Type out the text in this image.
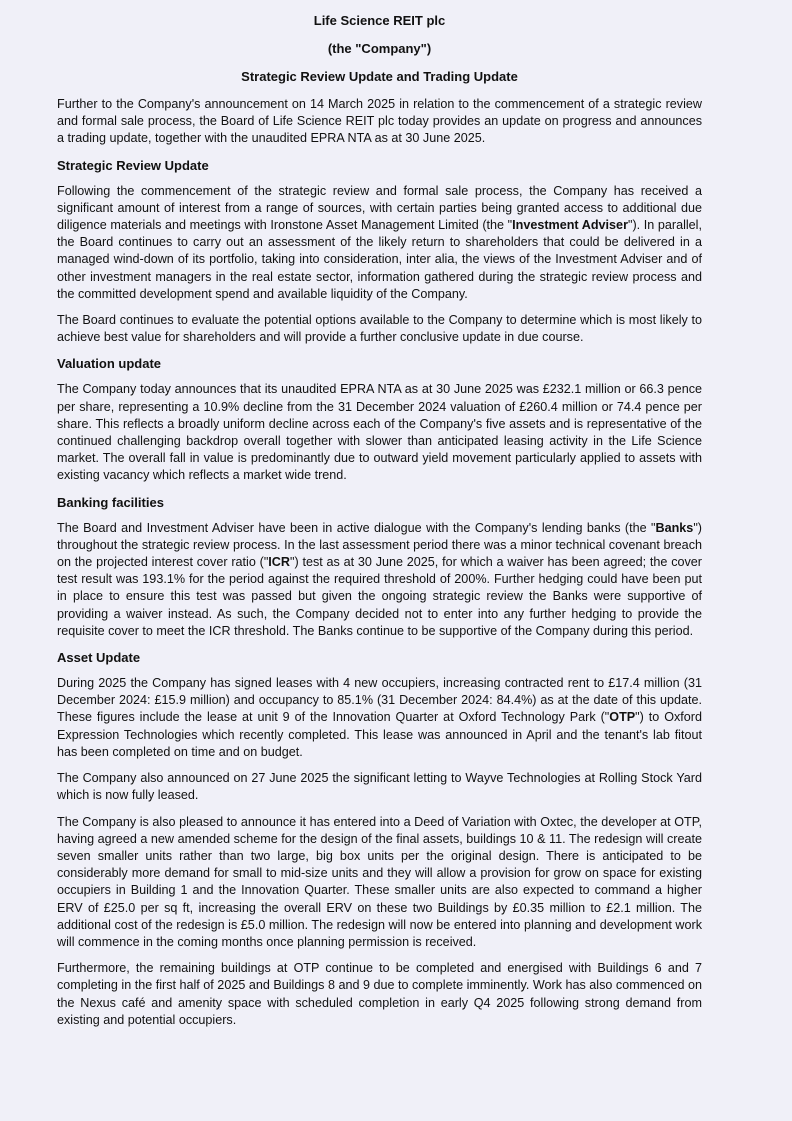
Life Science REIT plc
(the "Company")
Strategic Review Update and Trading Update

Further to the Company's announcement on 14 March 2025 in relation to the commencement of a strategic review and formal sale process, the Board of Life Science REIT plc today provides an update on progress and announces a trading update, together with the unaudited EPRA NTA as at 30 June 2025.

Strategic Review Update

Following the commencement of the strategic review and formal sale process, the Company has received a significant amount of interest from a range of sources, with certain parties being granted access to additional due diligence materials and meetings with Ironstone Asset Management Limited (the "Investment Adviser"). In parallel, the Board continues to carry out an assessment of the likely return to shareholders that could be delivered in a managed wind-down of its portfolio, taking into consideration, inter alia, the views of the Investment Adviser and of other investment managers in the real estate sector, information gathered during the strategic review process and the committed development spend and available liquidity of the Company.

The Board continues to evaluate the potential options available to the Company to determine which is most likely to achieve best value for shareholders and will provide a further conclusive update in due course.

Valuation update

The Company today announces that its unaudited EPRA NTA as at 30 June 2025 was £232.1 million or 66.3 pence per share, representing a 10.9% decline from the 31 December 2024 valuation of £260.4 million or 74.4 pence per share. This reflects a broadly uniform decline across each of the Company's five assets and is representative of the continued challenging backdrop overall together with slower than anticipated leasing activity in the Life Science market. The overall fall in value is predominantly due to outward yield movement particularly applied to assets with existing vacancy which reflects a market wide trend.

Banking facilities

The Board and Investment Adviser have been in active dialogue with the Company's lending banks (the "Banks") throughout the strategic review process. In the last assessment period there was a minor technical covenant breach on the projected interest cover ratio ("ICR") test as at 30 June 2025, for which a waiver has been agreed; the cover test result was 193.1% for the period against the required threshold of 200%. Further hedging could have been put in place to ensure this test was passed but given the ongoing strategic review the Banks were supportive of providing a waiver instead. As such, the Company decided not to enter into any further hedging to provide the requisite cover to meet the ICR threshold. The Banks continue to be supportive of the Company during this period.

Asset Update

During 2025 the Company has signed leases with 4 new occupiers, increasing contracted rent to £17.4 million (31 December 2024: £15.9 million) and occupancy to 85.1% (31 December 2024: 84.4%) as at the date of this update. These figures include the lease at unit 9 of the Innovation Quarter at Oxford Technology Park ("OTP") to Oxford Expression Technologies which recently completed. This lease was announced in April and the tenant's lab fitout has been completed on time and on budget.

The Company also announced on 27 June 2025 the significant letting to Wayve Technologies at Rolling Stock Yard which is now fully leased.

The Company is also pleased to announce it has entered into a Deed of Variation with Oxtec, the developer at OTP, having agreed a new amended scheme for the design of the final assets, buildings 10 & 11. The redesign will create seven smaller units rather than two large, big box units per the original design. There is anticipated to be considerably more demand for small to mid-size units and they will allow a provision for grow on space for existing occupiers in Building 1 and the Innovation Quarter. These smaller units are also expected to command a higher ERV of £25.0 per sq ft, increasing the overall ERV on these two Buildings by £0.35 million to £2.1 million. The additional cost of the redesign is £5.0 million. The redesign will now be entered into planning and development work will commence in the coming months once planning permission is received.

Furthermore, the remaining buildings at OTP continue to be completed and energised with Buildings 6 and 7 completing in the first half of 2025 and Buildings 8 and 9 due to complete imminently. Work has also commenced on the Nexus café and amenity space with scheduled completion in early Q4 2025 following strong demand from existing and potential occupiers.
